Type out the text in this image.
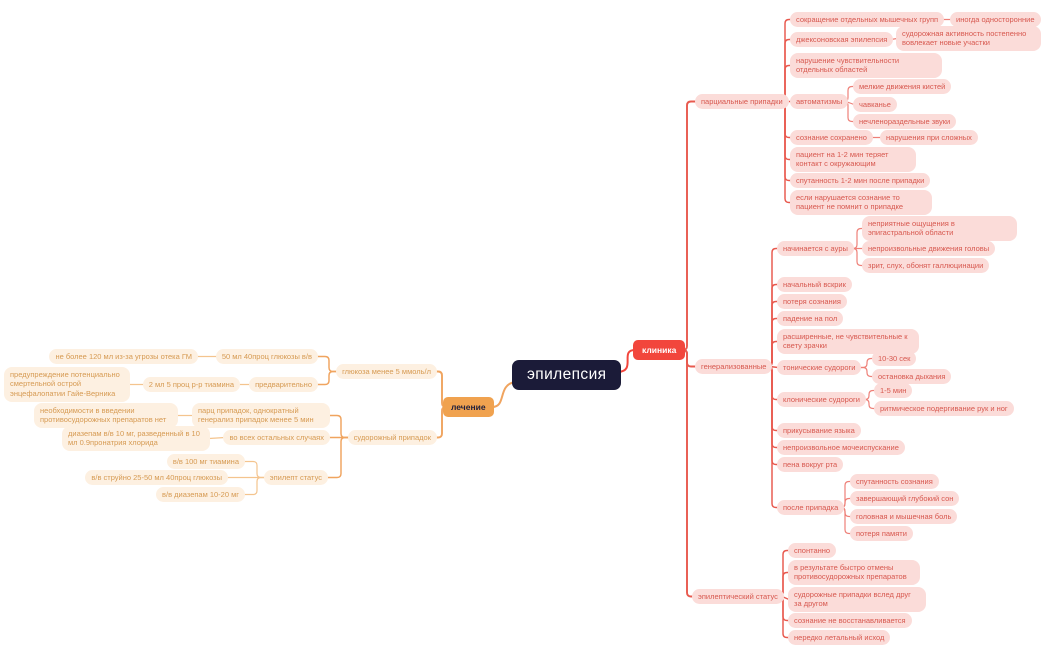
эпилепсия
клиника
парциальные припадки
сокращение отдельных мышечных групп	иногда односторонние
джексоновская эпилепсия
судорожная активность постепенно вовлекает новые участки
нарушение чувствительности отдельных областей
автоматизмы
мелкие движения кистей
чавканье
нечленораздельные звуки
сознание сохранено	нарушения при сложных
пациент на 1-2 мин теряет контакт с окружающим
спутанность 1-2 мин после припадки
если нарушается сознание то пациент не помнит о припадке
генерализованные
начинается с ауры
неприятные ощущения в эпигастральной области
непроизвольные движения головы
зрит, слух, обонят галлюцинации
начальный вскрик
потеря сознания
падение на пол
расширенные, не чувствительные к свету зрачки
тонические судороги
10-30 сек
остановка дыхания
клонические судороги
1-5 мин
ритмическое подергивание рук и ног
прикусывание языка
непроизвольное мочеиспускание
пена вокруг рта
после припадка
спутанность сознания
завершающий глубокий сон
головная и мышечная боль
потеря памяти
эпилептический статус
спонтанно
в результате быстро отмены противосудорожных препаратов
судорожные припадки вслед друг за другом
сознание не восстанавливается
нередко летальный исход
лечение
глюкоза менее 5 ммоль/л
50 мл 40проц глюкозы в/в
не более 120 мл из-за угрозы отека ГМ
предварительно
2 мл 5 проц р-р тиамина
предупреждение потенциально смертельной острой энцефалопатии Гайе-Верника
судорожный припадок
парц припадок, однократный генерализ припадок менее 5 мин
необходимости в введении противосудорожных препаратов нет
во всех остальных случаях
диазепам в/в 10 мг, разведенный в 10 мл 0.9пронатрия хлорида
эпилепт статус
в/в 100 мг тиамина
в/в струйно 25-50 мл 40проц глюкозы
в/в диазепам 10-20 мг
